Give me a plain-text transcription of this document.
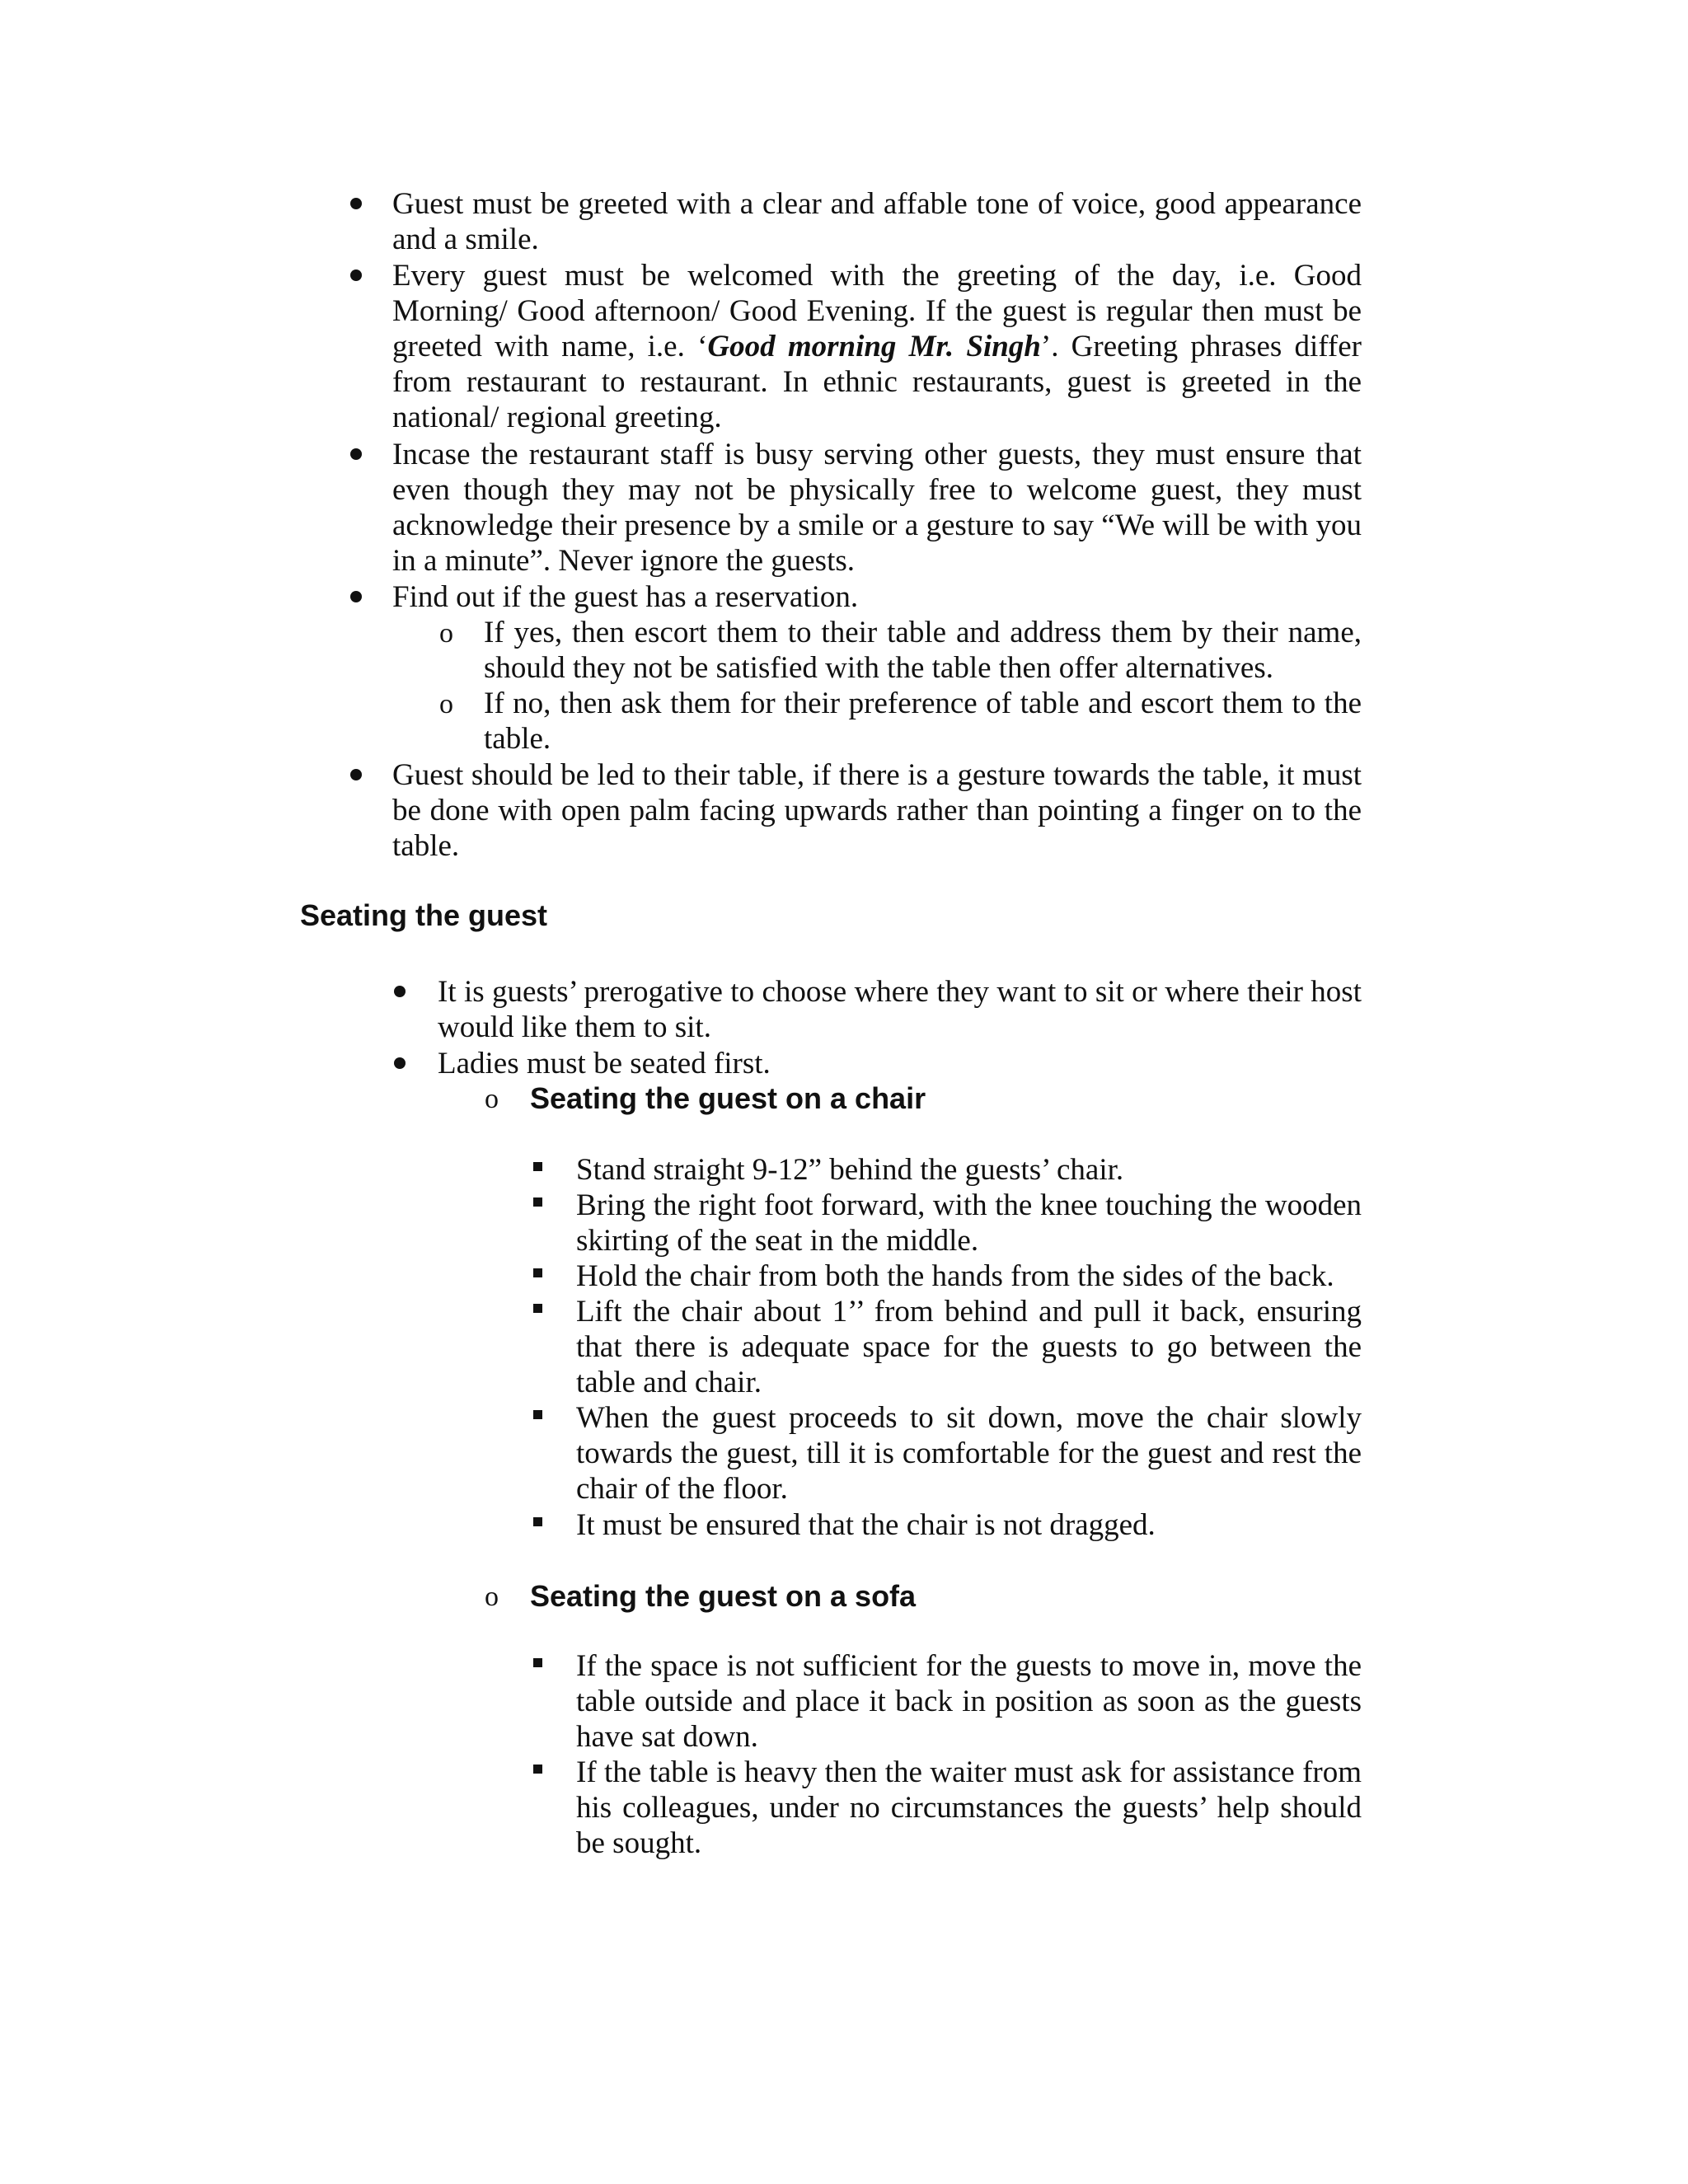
Guest must be greeted with a clear and affable tone of voice, good appearance and a smile.
Every guest must be welcomed with the greeting of the day, i.e. Good Morning/ Good afternoon/ Good Evening. If the guest is regular then must be greeted with name, i.e. ‘Good morning Mr. Singh’. Greeting phrases differ from restaurant to restaurant. In ethnic restaurants, guest is greeted in the national/ regional greeting.
Incase the restaurant staff is busy serving other guests, they must ensure that even though they may not be physically free to welcome guest, they must acknowledge their presence by a smile or a gesture to say “We will be with you in a minute”. Never ignore the guests.
Find out if the guest has a reservation.
o If yes, then escort them to their table and address them by their name, should they not be satisfied with the table then offer alternatives.
o If no, then ask them for their preference of table and escort them to the table.
Guest should be led to their table, if there is a gesture towards the table, it must be done with open palm facing upwards rather than pointing a finger on to the table.
Seating the guest
It is guests’ prerogative to choose where they want to sit or where their host would like them to sit.
Ladies must be seated first.
o Seating the guest on a chair
Stand straight 9-12” behind the guests’ chair.
Bring the right foot forward, with the knee touching the wooden skirting of the seat in the middle.
Hold the chair from both the hands from the sides of the back.
Lift the chair about 1’’ from behind and pull it back, ensuring that there is adequate space for the guests to go between the table and chair.
When the guest proceeds to sit down, move the chair slowly towards the guest, till it is comfortable for the guest and rest the chair of the floor.
It must be ensured that the chair is not dragged.
o Seating the guest on a sofa
If the space is not sufficient for the guests to move in, move the table outside and place it back in position as soon as the guests have sat down.
If the table is heavy then the waiter must ask for assistance from his colleagues, under no circumstances the guests’ help should be sought.
